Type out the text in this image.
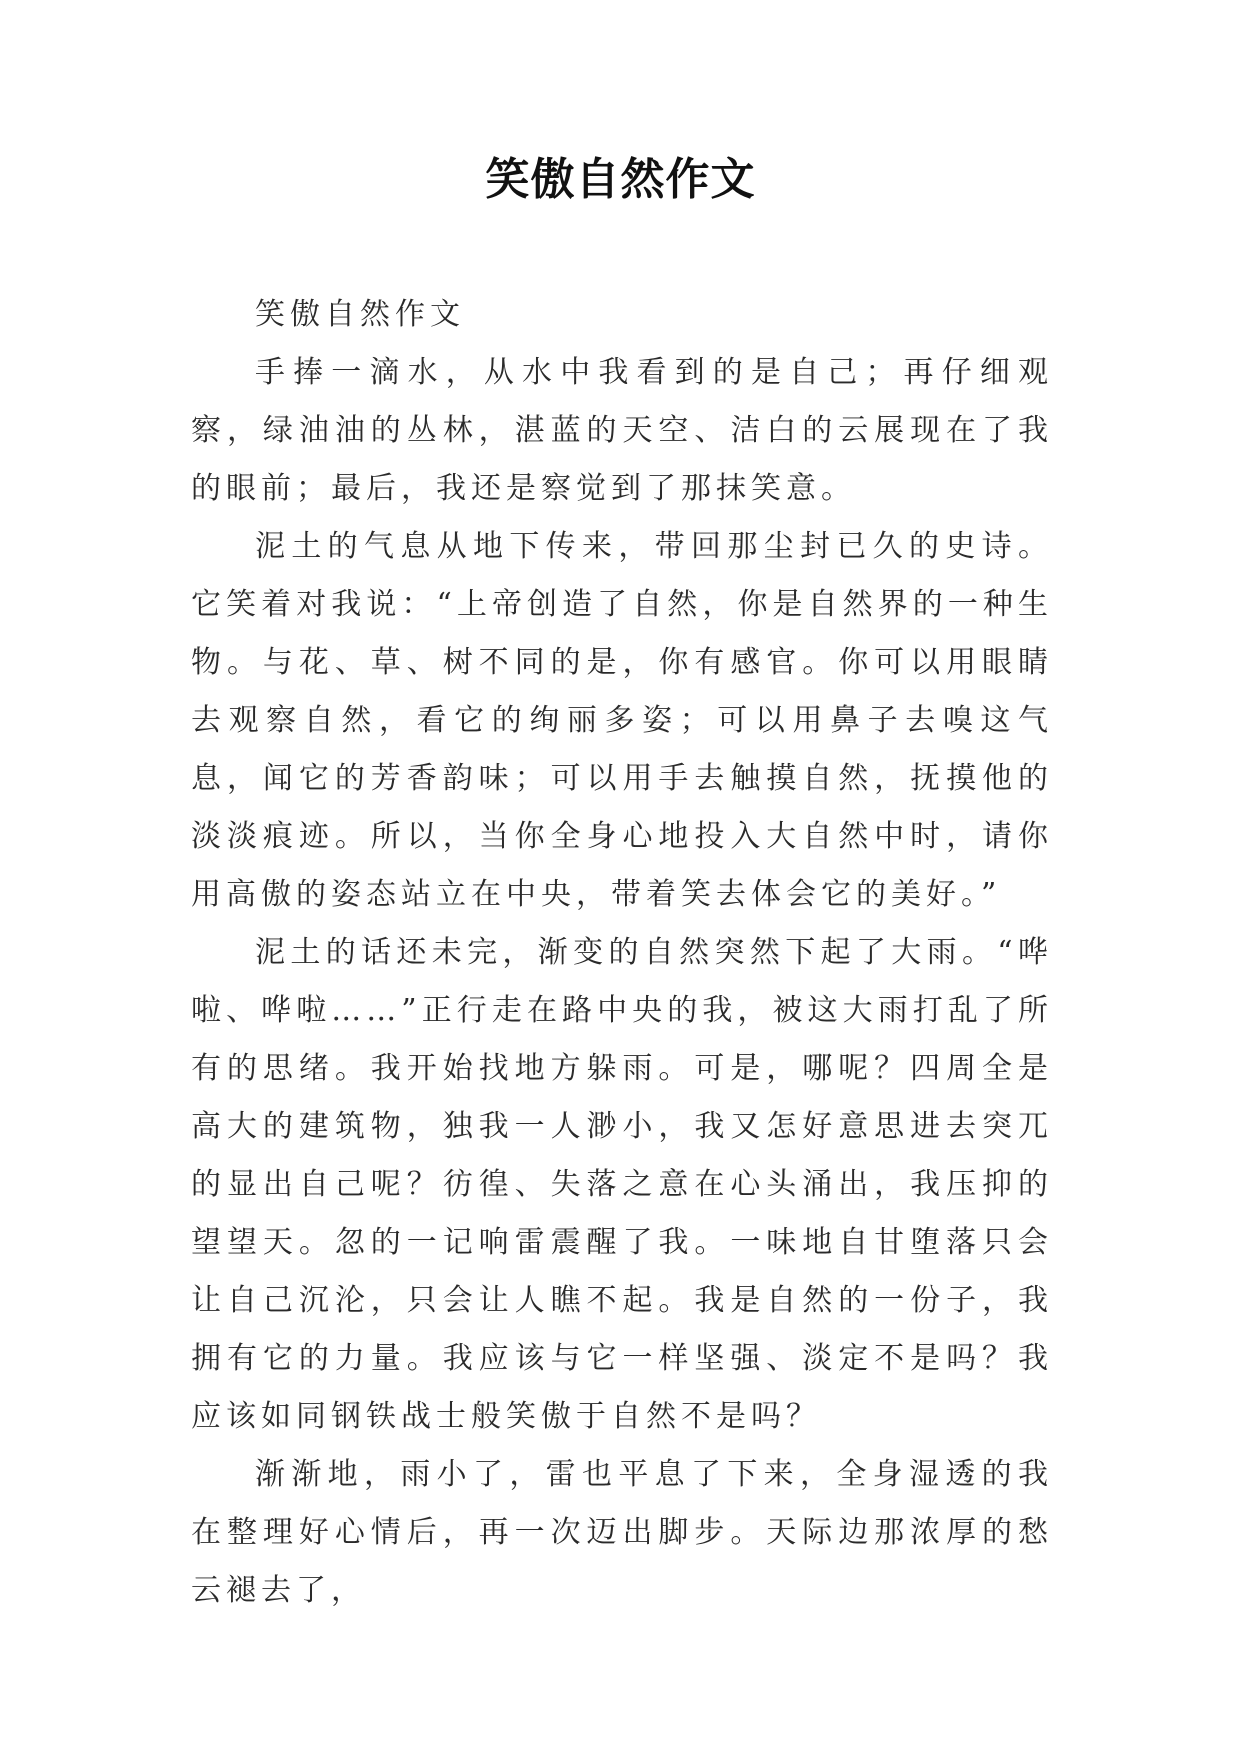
笑傲自然作文

笑傲自然作文

手捧一滴水，从水中我看到的是自己；再仔细观察，绿油油的丛林，湛蓝的天空、洁白的云展现在了我的眼前；最后，我还是察觉到了那抹笑意。

泥土的气息从地下传来，带回那尘封已久的史诗。它笑着对我说：“上帝创造了自然，你是自然界的一种生物。与花、草、树不同的是，你有感官。你可以用眼睛去观察自然，看它的绚丽多姿；可以用鼻子去嗅这气息，闻它的芳香韵味；可以用手去触摸自然，抚摸他的淡淡痕迹。所以，当你全身心地投入大自然中时，请你用高傲的姿态站立在中央，带着笑去体会它的美好。”

泥土的话还未完，渐变的自然突然下起了大雨。“哗啦、哗啦……”正行走在路中央的我，被这大雨打乱了所有的思绪。我开始找地方躲雨。可是，哪呢？四周全是高大的建筑物，独我一人渺小，我又怎好意思进去突兀的显出自己呢？彷徨、失落之意在心头涌出，我压抑的望望天。忽的一记响雷震醒了我。一味地自甘堕落只会让自己沉沦，只会让人瞧不起。我是自然的一份子，我拥有它的力量。我应该与它一样坚强、淡定不是吗？我应该如同钢铁战士般笑傲于自然不是吗？

渐渐地，雨小了，雷也平息了下来，全身湿透的我在整理好心情后，再一次迈出脚步。天际边那浓厚的愁云褪去了，
